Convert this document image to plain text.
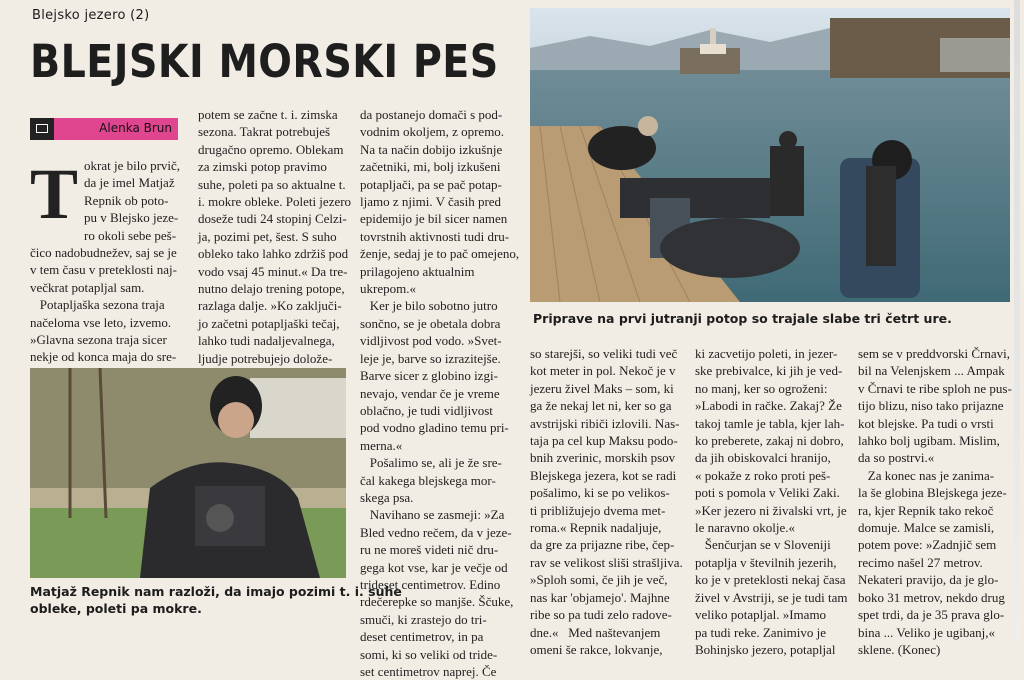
Blejsko jezero (2)
BLEJSKI MORSKI PES
Alenka Brun
T okrat je bilo prvič,

da je imel Matjaž

Repnik ob poto-

pu v Blejsko jeze-

ro okoli sebe peš-

čico nadobudnežev, saj se je

v tem času v preteklosti naj-

večkrat potapljal sam.

Potapljaška sezona traja

načeloma vse leto, izvemo.

»Glavna sezona traja sicer

nekje od konca maja do sre-

potem se začne t. i. zimska

sezona. Takrat potrebuješ

drugačno opremo. Oblekam

za zimski potop pravimo

suhe, poleti pa so aktualne t.

i. mokre obleke. Poleti jezero

doseže tudi 24 stopinj Celzi-

ja, pozimi pet, šest. S suho

obleko tako lahko zdržiš pod

vodo vsaj 45 minut.« Da tre-

nutno delajo trening potope,

razlaga dalje. »Ko zaključi-

jo začetni potapljaški tečaj,

lahko tudi nadaljevalnega,

ljudje potrebujejo dolože-

da postanejo domači s pod-

vodnim okoljem, z opremo.

Na ta način dobijo izkušnje

začetniki, mi, bolj izkušeni

potapljači, pa se pač potap-

ljamo z njimi. V časih pred

epidemijo je bil sicer namen

tovrstnih aktivnosti tudi dru-

ženje, sedaj je to pač omejeno,

prilagojeno aktualnim

ukrepom.«

Ker je bilo sobotno jutro

sončno, se je obetala dobra

vidljivost pod vodo. »Svet-

leje je, barve so izrazitejše.

Barve sicer z globino izgi-

nevajo, vendar če je vreme

oblačno, je tudi vidljivost

pod vodno gladino temu pri-

merna.«

Pošalimo se, ali je že sre-

čal kakega blejskega mor-

skega psa.

Navihano se zasmeji: »Za

Bled vedno rečem, da v jeze-

ru ne moreš videti nič dru-

gega kot vse, kar je večje od

trideset centimetrov. Edino

rdečerepke so manjše. Ščuke,

smuči, ki zrastejo do tri-

deset centimetrov, in pa

somi, ki so veliki od tride-

set centimetrov naprej. Če

so starejši, so veliki tudi več

kot meter in pol. Nekoč je v

jezeru živel Maks – som, ki

ga že nekaj let ni, ker so ga

avstrijski ribiči izlovili. Nas-

taja pa cel kup Maksu podo-

bnih zverinic, morskih psov

Blejskega jezera, kot se radi

pošalimo, ki se po velikos-

ti približujejo dvema met-

roma.« Repnik nadaljuje,

da gre za prijazne ribe, čep-

rav se velikost sliši strašljiva.

»Sploh somi, če jih je več,

nas kar 'objamejo'. Majhne

ribe so pa tudi zelo radove-

dne.«   Med naštevanjem

omeni še rakce, lokvanje,

ki zacvetijo poleti, in jezer-

ske prebivalce, ki jih je ved-

no manj, ker so ogroženi:

»Labodi in račke. Zakaj? Že

takoj tamle je tabla, kjer lah-

ko preberete, zakaj ni dobro,

da jih obiskovalci hranijo,

« pokaže z roko proti peš-

poti s pomola v Veliki Zaki.

»Ker jezero ni živalski vrt, je

le naravno okolje.«

Šenčurjan se v Sloveniji

potaplja v številnih jezerih,

ko je v preteklosti nekaj časa

živel v Avstriji, se je tudi tam

veliko potapljal. »Imamo

pa tudi reke. Zanimivo je

Bohinjsko jezero, potapljal

sem se v preddvorski Črnavi,

bil na Velenjskem ... Ampak

v Črnavi te ribe sploh ne pus-

tijo blizu, niso tako prijazne

kot blejske. Pa tudi o vrsti

lahko bolj ugibam. Mislim,

da so postrvi.«

Za konec nas je zanima-

la še globina Blejskega jeze-

ra, kjer Repnik tako rekoč

domuje. Malce se zamisli,

potem pove: »Zadnjič sem

recimo našel 27 metrov.

Nekateri pravijo, da je glo-

boko 31 metrov, nekdo drug

spet trdi, da je 35 prava glo-

bina ... Veliko je ugibanj,«

sklene. (Konec)

Priprave na prvi jutranji potop so trajale slabe tri četrt ure.

Matjaž Repnik nam razloži, da imajo pozimi t. i. suhe

obleke, poleti pa mokre.
